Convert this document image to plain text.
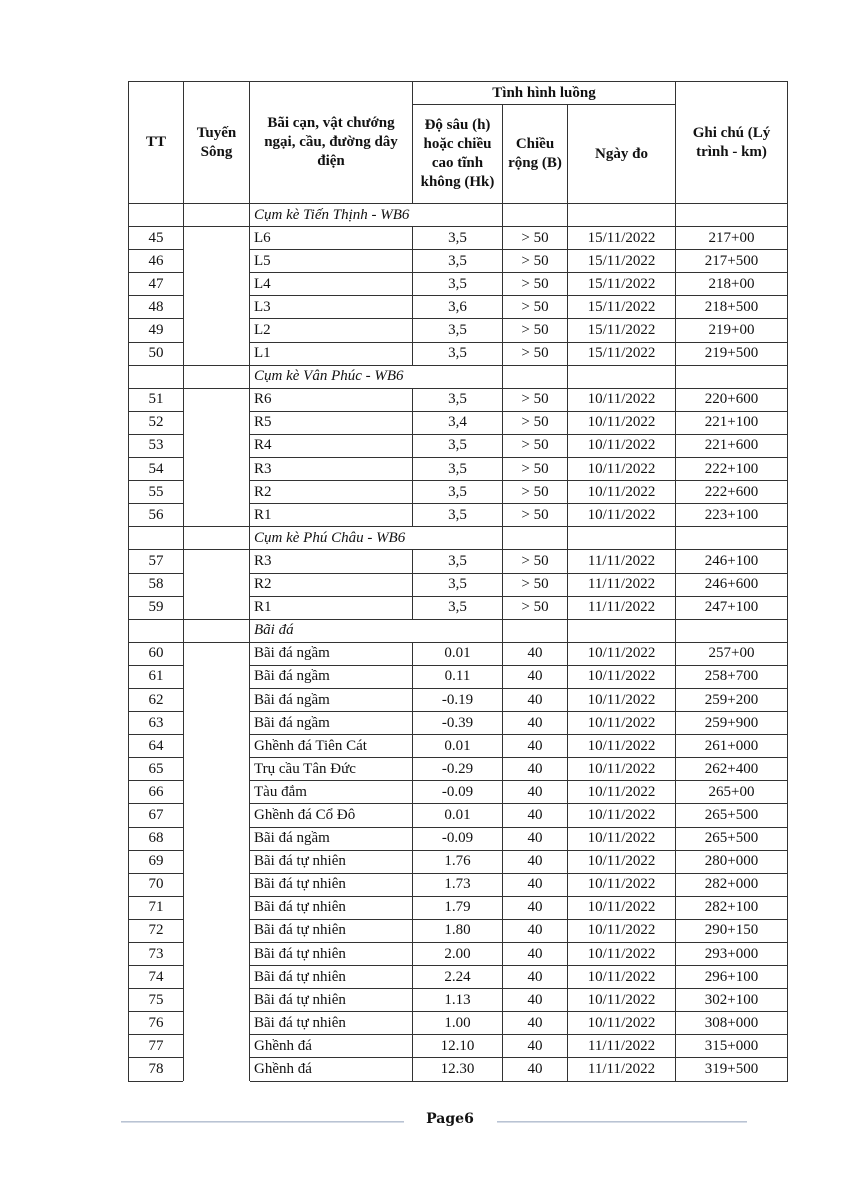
TT	Tuyến Sông	Bãi cạn, vật chướng ngại, cầu, đường dây điện	Tình hình luồng			Ghi chú (Lý trình - km)
			Độ sâu (h) hoặc chiều cao tĩnh không (Hk)	Chiều rộng (B)	Ngày đo	
		Cụm kè Tiến Thịnh - WB6				
45		L6	3,5	> 50	15/11/2022	217+00
46		L5	3,5	> 50	15/11/2022	217+500
47		L4	3,5	> 50	15/11/2022	218+00
48		L3	3,6	> 50	15/11/2022	218+500
49		L2	3,5	> 50	15/11/2022	219+00
50		L1	3,5	> 50	15/11/2022	219+500
		Cụm kè Vân Phúc - WB6				
51		R6	3,5	> 50	10/11/2022	220+600
52		R5	3,4	> 50	10/11/2022	221+100
53		R4	3,5	> 50	10/11/2022	221+600
54		R3	3,5	> 50	10/11/2022	222+100
55		R2	3,5	> 50	10/11/2022	222+600
56		R1	3,5	> 50	10/11/2022	223+100
		Cụm kè Phú Châu - WB6				
57		R3	3,5	> 50	11/11/2022	246+100
58		R2	3,5	> 50	11/11/2022	246+600
59		R1	3,5	> 50	11/11/2022	247+100
		Bãi đá				
60		Bãi đá ngầm	0.01	40	10/11/2022	257+00
61		Bãi đá ngầm	0.11	40	10/11/2022	258+700
62		Bãi đá ngầm	-0.19	40	10/11/2022	259+200
63		Bãi đá ngầm	-0.39	40	10/11/2022	259+900
64		Ghềnh đá Tiên Cát	0.01	40	10/11/2022	261+000
65		Trụ cầu Tân Đức	-0.29	40	10/11/2022	262+400
66		Tàu đắm	-0.09	40	10/11/2022	265+00
67		Ghềnh đá Cổ Đô	0.01	40	10/11/2022	265+500
68		Bãi đá ngầm	-0.09	40	10/11/2022	265+500
69		Bãi đá tự nhiên	1.76	40	10/11/2022	280+000
70		Bãi đá tự nhiên	1.73	40	10/11/2022	282+000
71		Bãi đá tự nhiên	1.79	40	10/11/2022	282+100
72		Bãi đá tự nhiên	1.80	40	10/11/2022	290+150
73		Bãi đá tự nhiên	2.00	40	10/11/2022	293+000
74		Bãi đá tự nhiên	2.24	40	10/11/2022	296+100
75		Bãi đá tự nhiên	1.13	40	10/11/2022	302+100
76		Bãi đá tự nhiên	1.00	40	10/11/2022	308+000
77		Ghềnh đá	12.10	40	11/11/2022	315+000
78		Ghềnh đá	12.30	40	11/11/2022	319+500
Page6
